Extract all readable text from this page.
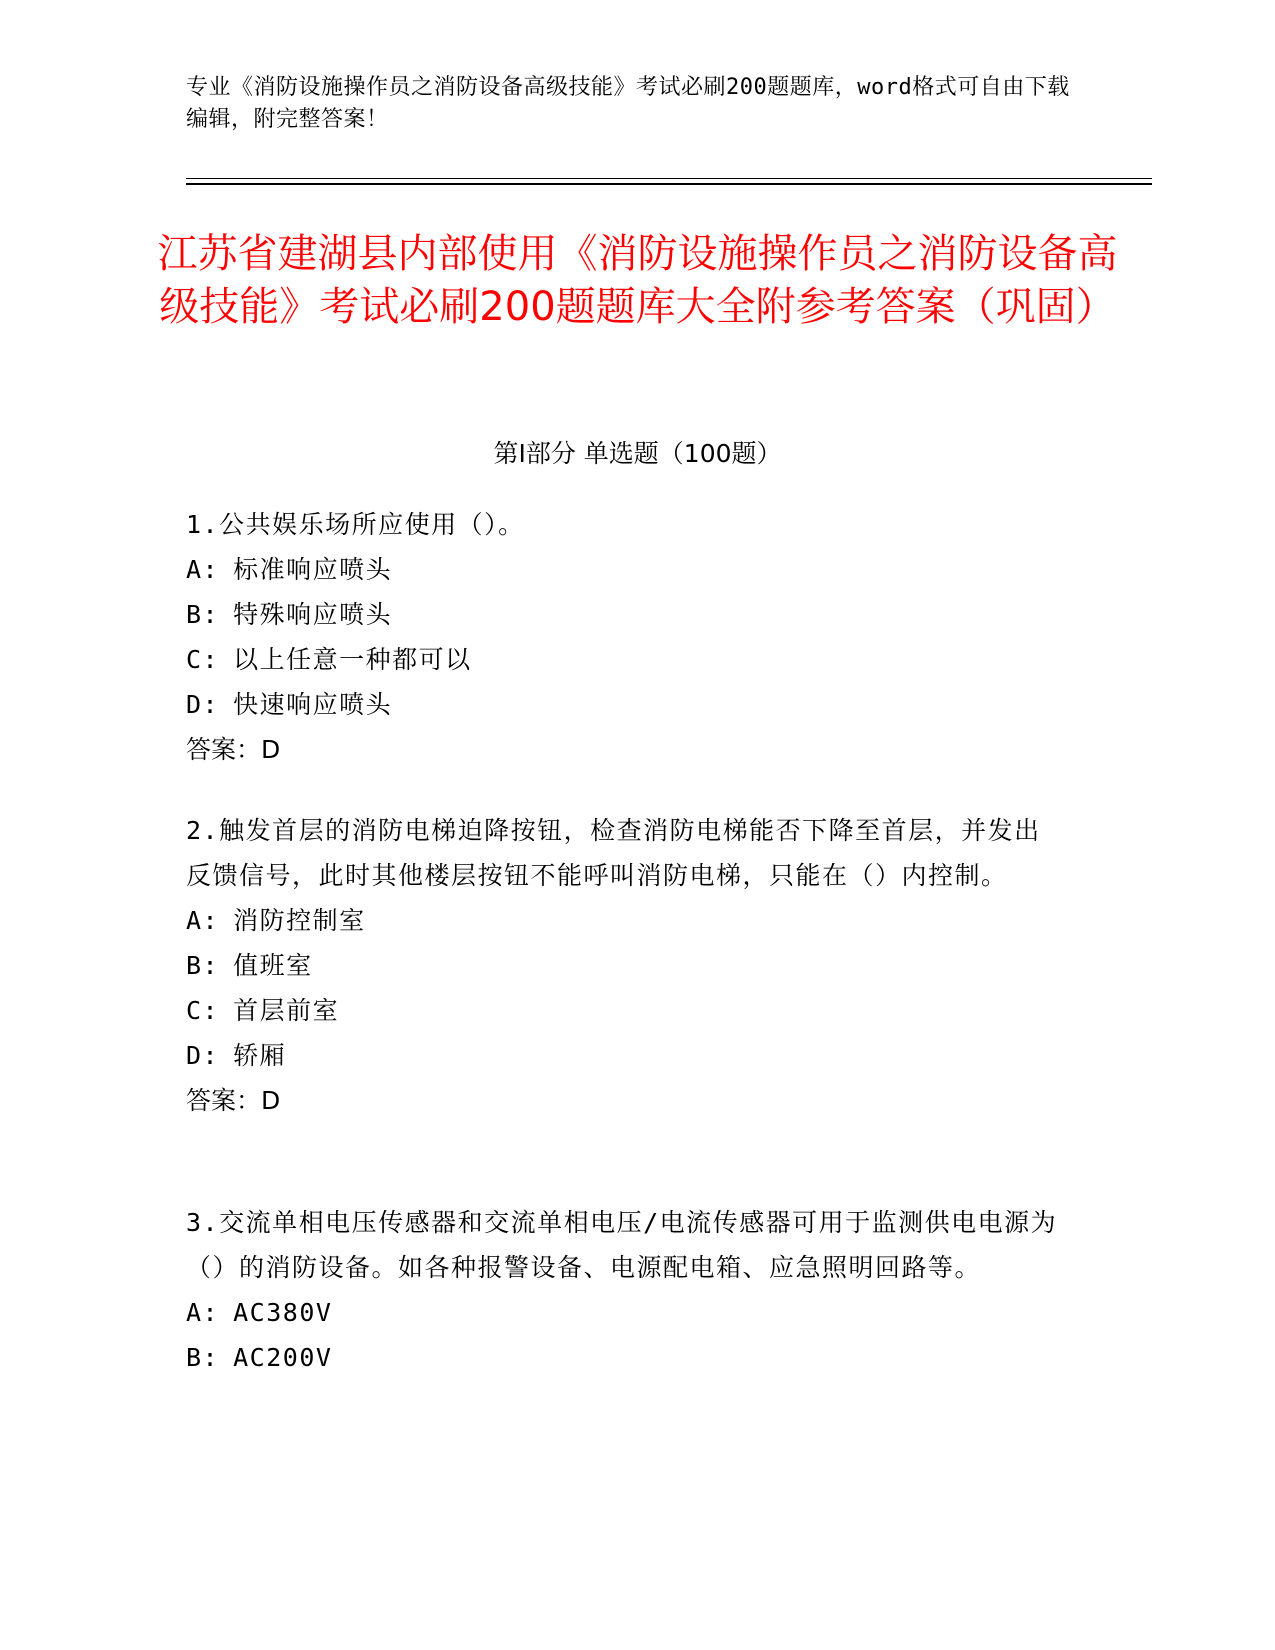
专业《消防设施操作员之消防设备高级技能》考试必刷200题题库，word格式可自由下载编辑，附完整答案！
江苏省建湖县内部使用《消防设施操作员之消防设备高级技能》考试必刷200题题库大全附参考答案（巩固）
第Ⅰ部分 单选题（100题）
1.公共娱乐场所应使用（）。
A: 标准响应喷头
B: 特殊响应喷头
C: 以上任意一种都可以
D: 快速响应喷头
答案：D
2.触发首层的消防电梯迫降按钮，检查消防电梯能否下降至首层，并发出反馈信号，此时其他楼层按钮不能呼叫消防电梯，只能在（）内控制。
A: 消防控制室
B: 值班室
C: 首层前室
D: 轿厢
答案：D
3.交流单相电压传感器和交流单相电压/电流传感器可用于监测供电电源为（）的消防设备。如各种报警设备、电源配电箱、应急照明回路等。
A: AC380V
B: AC200V
